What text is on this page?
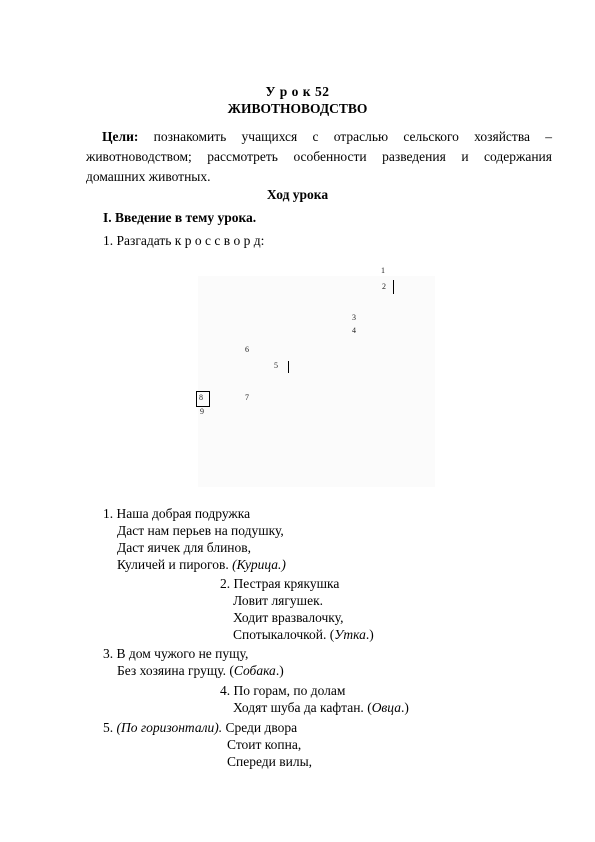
У р о к 52
ЖИВОТНОВОДСТВО
Цели: познакомить учащихся с отраслью сельского хозяйства – животноводством; рассмотреть особенности разведения и содержания домашних животных.
Ход урока
I. Введение в тему урока.
1. Разгадать к р о с с в о р д:
1
2
3
4
6
5
8	7
9
1. Наша добрая подружка
Даст нам перьев на подушку,
Даст яичек для блинов,
Куличей и пирогов. (Курица.)
2. Пестрая крякушка
Ловит лягушек.
Ходит вразвалочку,
Спотыкалочкой. (Утка.)
3. В дом чужого не пущу,
Без хозяина грущу. (Собака.)
4. По горам, по долам
Ходят шуба да кафтан. (Овца.)
5. (По горизонтали). Среди двора
Стоит копна,
Спереди вилы,
